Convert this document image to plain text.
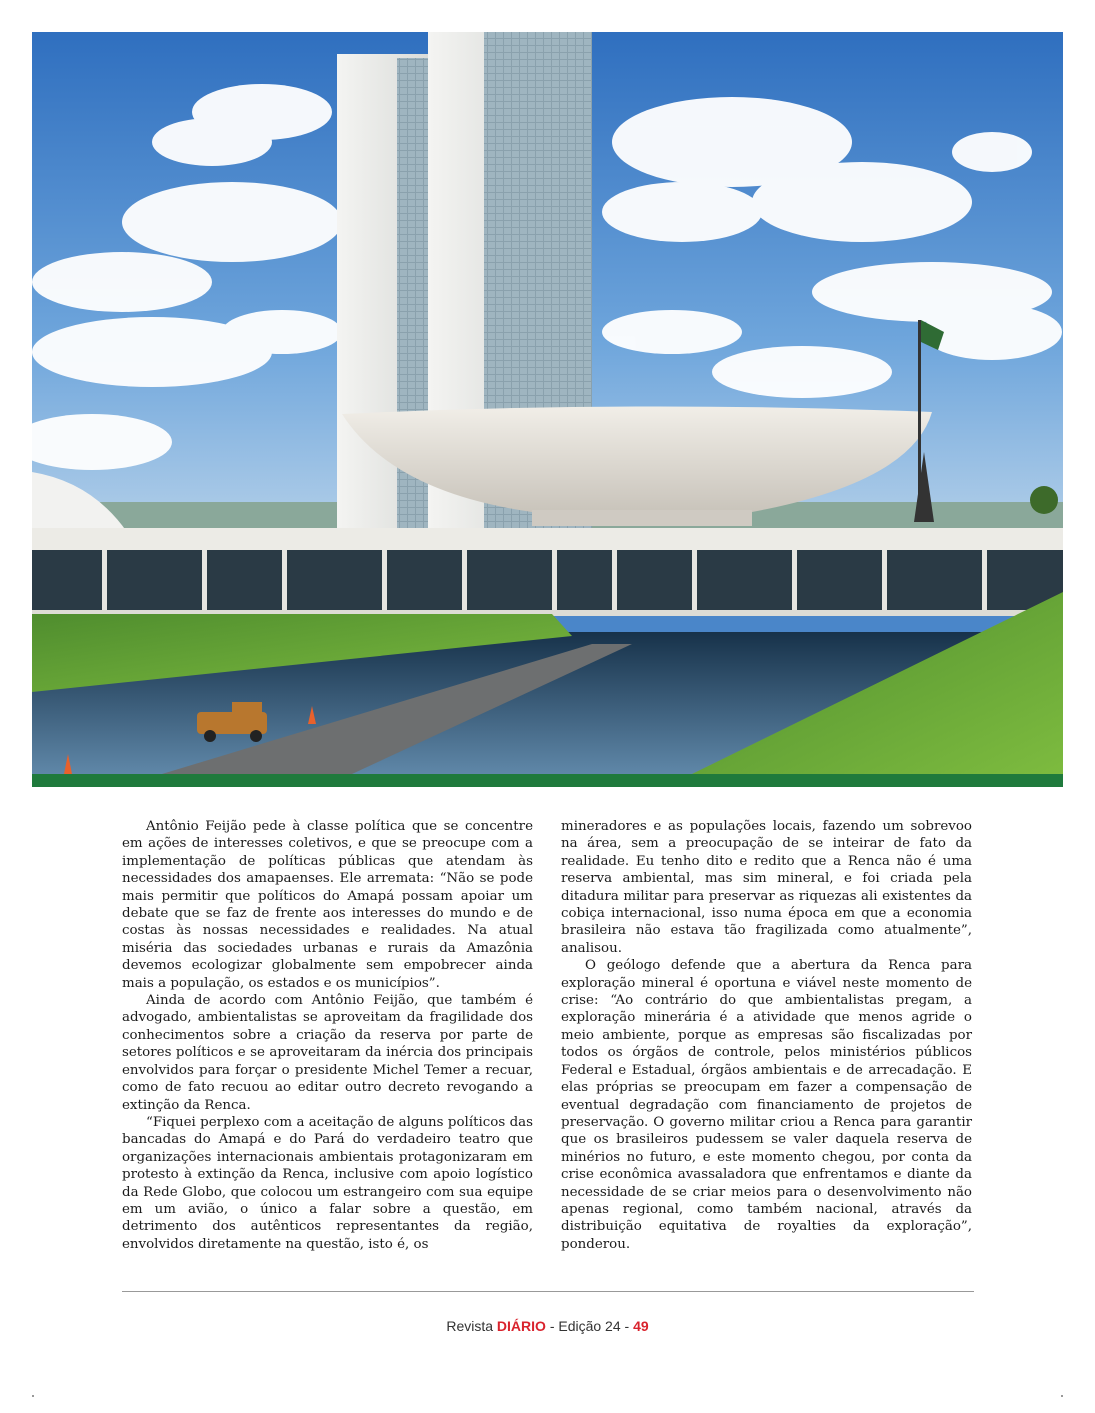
Antônio Feijão pede à classe política que se concentre em ações de interesses coletivos, e que se preocupe com a implementação de políticas públicas que atendam às necessidades dos amapaenses. Ele arremata: “Não se pode mais permitir que políticos do Amapá possam apoiar um debate que se faz de frente aos interesses do mundo e de costas às nossas necessidades e realidades. Na atual miséria das sociedades urbanas e rurais da Amazônia devemos ecologizar globalmente sem empobrecer ainda mais a população, os estados e os municípios”.

Ainda de acordo com Antônio Feijão, que também é advogado, ambientalistas se aproveitam da fragilidade dos conhecimentos sobre a criação da reserva por parte de setores políticos e se aproveitaram da inércia dos principais envolvidos para forçar o presidente Michel Temer a recuar, como de fato recuou ao editar outro decreto revogando a extinção da Renca.

“Fiquei perplexo com a aceitação de alguns políticos das bancadas do Amapá e do Pará do verdadeiro teatro que organizações internacionais ambientais protagonizaram em protesto à extinção da Renca, inclusive com apoio logístico da Rede Globo, que colocou um estrangeiro com sua equipe em um avião, o único a falar sobre a questão, em detrimento dos autênticos representantes da região, envolvidos diretamente na questão, isto é, os

mineradores e as populações locais, fazendo um sobrevoo na área, sem a preocupação de se inteirar de fato da realidade. Eu tenho dito e redito que a Renca não é uma reserva ambiental, mas sim mineral, e foi criada pela ditadura militar para preservar as riquezas ali existentes da cobiça internacional, isso numa época em que a economia brasileira não estava tão fragilizada como atualmente”, analisou.

O geólogo defende que a abertura da Renca para exploração mineral é oportuna e viável neste momento de crise: “Ao contrário do que ambientalistas pregam, a exploração minerária é a atividade que menos agride o meio ambiente, porque as empresas são fiscalizadas por todos os órgãos de controle, pelos ministérios públicos Federal e Estadual, órgãos ambientais e de arrecadação. E elas próprias se preocupam em fazer a compensação de eventual degradação com financiamento de projetos de preservação. O governo militar criou a Renca para garantir que os brasileiros pudessem se valer daquela reserva de minérios no futuro, e este momento chegou, por conta da crise econômica avassaladora que enfrentamos e diante da necessidade de se criar meios para o desenvolvimento não apenas regional, como também nacional, através da distribuição equitativa de royalties da exploração”, ponderou.

Revista DIÁRIO - Edição 24 - 49
